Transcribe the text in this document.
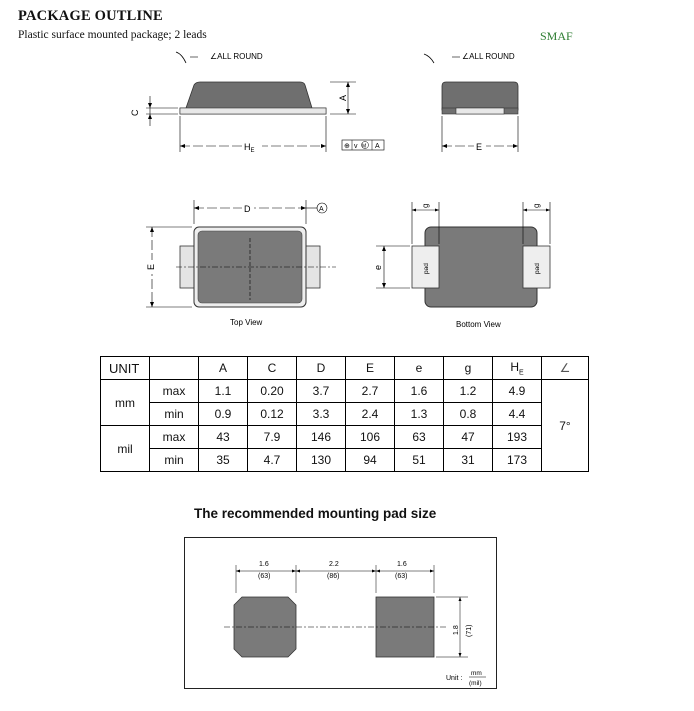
PACKAGE OUTLINE
Plastic surface mounted package; 2 leads	SMAF
∠ALL ROUND
A
C
$H_E$
⊕ v M A
∠ALL ROUND
E
D	A
E
Top View
pad	pad
g	g
e
Bottom View
UNIT		A	C	D	E	e	g	$H_E$	∠
mm	max	1.1	0.20	3.7	2.7	1.6	1.2	4.9	7°
	min	0.9	0.12	3.3	2.4	1.3	0.8	4.4	
mil	max	43	7.9	146	106	63	47	193	
	min	35	4.7	130	94	51	31	173	
The recommended mounting pad size
1.6
(63)
2.2
(86)
1.6
(63)
1.8 (71)
Unit :
mm
(mil)
